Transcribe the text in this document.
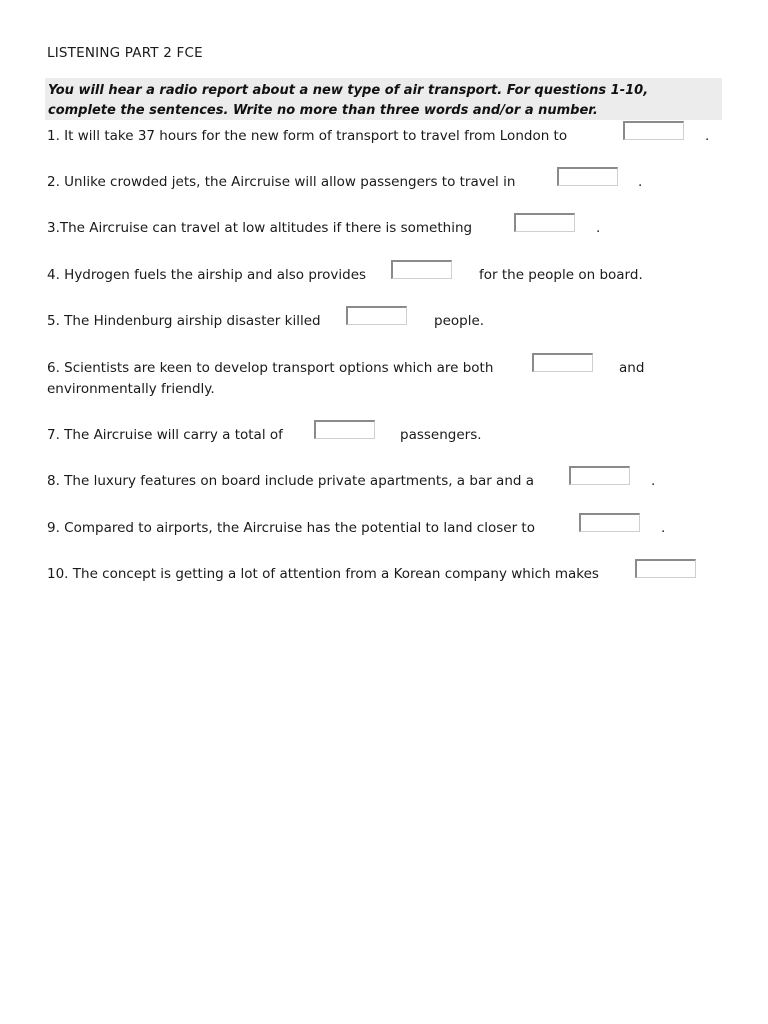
LISTENING PART 2 FCE
You will hear a radio report about a new type of air transport. For questions 1-10, complete the sentences. Write no more than three words and/or a number.
1. It will take 37 hours for the new form of transport to travel from London to	.
2. Unlike crowded jets, the Aircruise will allow passengers to travel in	.
3.The Aircruise can travel at low altitudes if there is something	.
4. Hydrogen fuels the airship and also provides	for the people on board.
5. The Hindenburg airship disaster killed	people.
6. Scientists are keen to develop transport options which are both	and
environmentally friendly.
7. The Aircruise will carry a total of	passengers.
8. The luxury features on board include private apartments, a bar and a	.
9. Compared to airports, the Aircruise has the potential to land closer to	.
10. The concept is getting a lot of attention from a Korean company which makes
